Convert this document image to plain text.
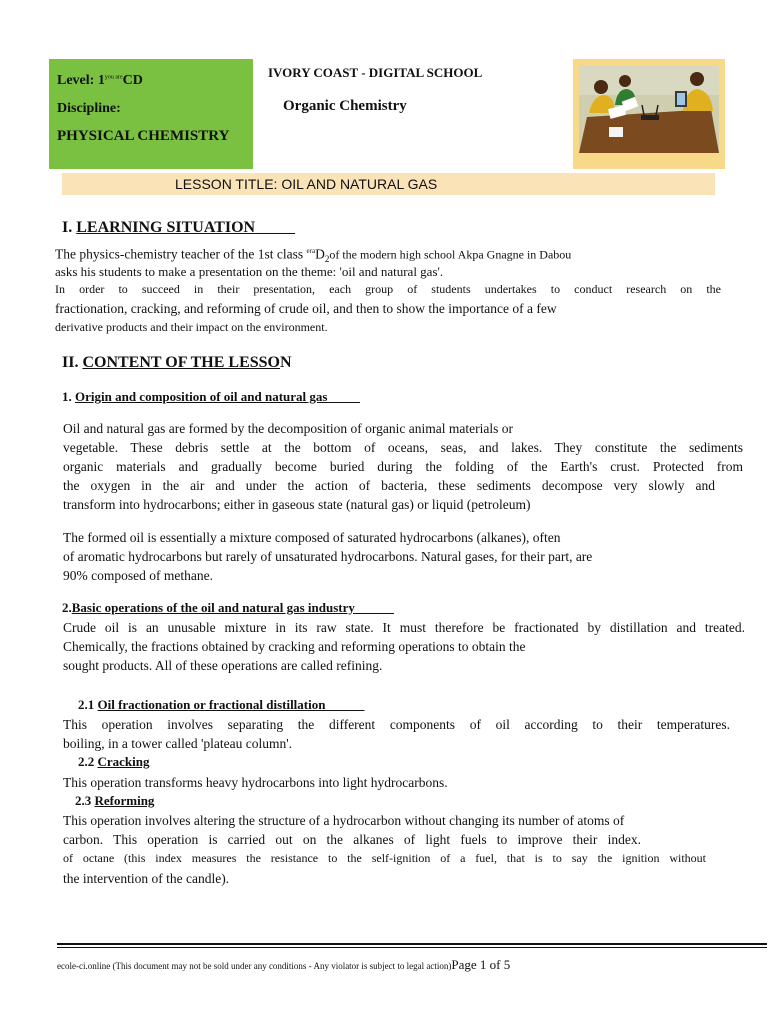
Level: $1^{you are}CD$
Discipline:
PHYSICAL CHEMISTRY
IVORY COAST - DIGITAL SCHOOL
Organic Chemistry
LESSON TITLE: OIL AND NATURAL GAS
I. LEARNING SITUATION
The physics-chemistry teacher of the 1st class $^{era}D_2of$ the modern high school Akpa Gnagne in Dabou
asks his students to make a presentation on the theme: 'oil and natural gas'.
In order to succeed in their presentation, each group of students undertakes to conduct research on the
fractionation, cracking, and reforming of crude oil, and then to show the importance of a few
derivative products and their impact on the environment.
II. CONTENT OF THE LESSON
1. Origin and composition of oil and natural gas
Oil and natural gas are formed by the decomposition of organic animal materials or
vegetable. These debris settle at the bottom of oceans, seas, and lakes. They constitute the sediments
organic materials and gradually become buried during the folding of the Earth's crust. Protected from
the oxygen in the air and under the action of bacteria, these sediments decompose very slowly and
transform into hydrocarbons; either in gaseous state (natural gas) or liquid (petroleum)
The formed oil is essentially a mixture composed of saturated hydrocarbons (alkanes), often
of aromatic hydrocarbons but rarely of unsaturated hydrocarbons. Natural gases, for their part, are
90% composed of methane.
2.Basic operations of the oil and natural gas industry
Crude oil is an unusable mixture in its raw state. It must therefore be fractionated by distillation and treated.
Chemically, the fractions obtained by cracking and reforming operations to obtain the
sought products. All of these operations are called refining.
2.1 Oil fractionation or fractional distillation
This operation involves separating the different components of oil according to their temperatures.
boiling, in a tower called 'plateau column'.
2.2 Cracking
This operation transforms heavy hydrocarbons into light hydrocarbons.
2.3 Reforming
This operation involves altering the structure of a hydrocarbon without changing its number of atoms of
carbon. This operation is carried out on the alkanes of light fuels to improve their index.
of octane (this index measures the resistance to the self-ignition of a fuel, that is to say the ignition without
the intervention of the candle).
ecole-ci.online (This document may not be sold under any conditions - Any violator is subject to legal action)Page 1 of 5
